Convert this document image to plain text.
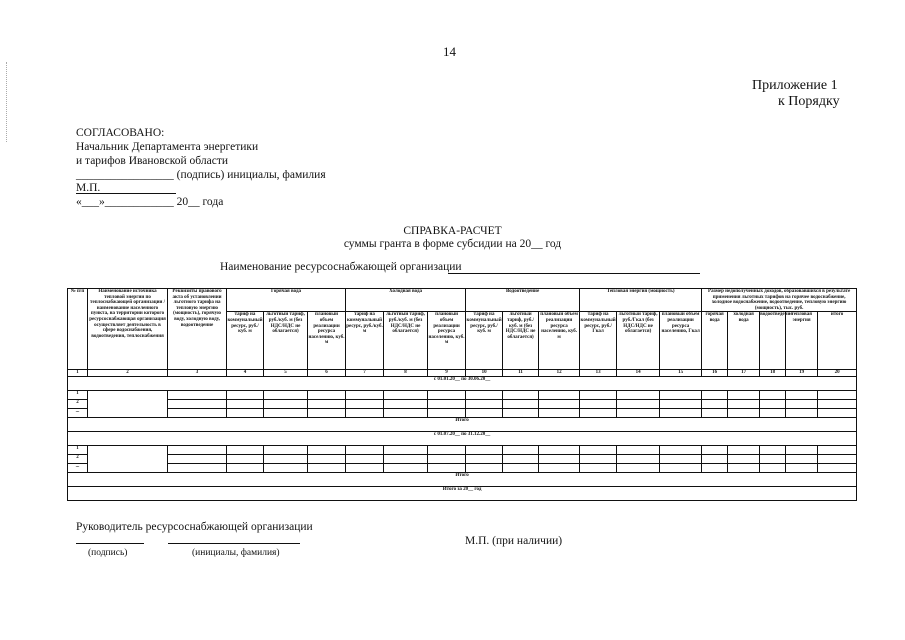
14
Приложение 1
к Порядку
СОГЛАСОВАНО:
Начальник Департамента энергетики
и тарифов Ивановской области
_________________ (подпись) инициалы, фамилия
М.П.
«___»____________ 20__ года
СПРАВКА-РАСЧЕТ
суммы гранта в форме субсидии на 20__ год
Наименование ресурсоснабжающей организации
№ п/п	Наименование источника тепловой энергии по теплоснабжающей организации / наименование населенного пункта, на территории которого ресурсоснабжающая организация осуществляет деятельность в сфере водоснабжения, водоотведения, теплоснабжения	Реквизиты правового акта об установлении льготного тарифа на тепловую энергию (мощность), горячую воду, холодную воду, водоотведение	Горячая вода			Холодная вода			Водоотведение			Тепловая энергия (мощность)			Размер недополученных доходов, образовавшихся в результате применения льготных тарифов на горячее водоснабжение, холодное водоснабжение, водоотведение, тепловую энергию (мощность), тыс. руб.				
			тариф на коммунальный ресурс, руб./куб. м	льготный тариф, руб./куб. м (без НДС/НДС не облагается)	плановый объем реализации ресурса населению, куб. м	тариф на коммунальный ресурс, руб./куб. м	льготный тариф, руб./куб. м (без НДС/НДС не облагается)	плановый объем реализации ресурса населению, куб. м	тариф на коммунальный ресурс, руб./куб. м	льготный тариф, руб./куб. м (без НДС/НДС не облагается)	плановый объем реализации ресурса населению, куб. м	тариф на коммунальный ресурс, руб./Гкал	льготный тариф, руб./Гкал (без НДС/НДС не облагается)	плановый объем реализации ресурса населению, Гкал	горячая вода	холодная вода	водоотведение	тепловая энергия	итого
1	2	3	4	5	6	7	8	9	10	11	12	13	14	15	16	17	18	19	20
с 01.01.20__ по 30.06.20__																			
1																			
2																			
...																			
Итого																			
с 01.07.20__ по 31.12.20__																			
1																			
2																			
...																			
Итого																			
Итого за 20__ год																			
Руководитель ресурсоснабжающей организации
М.П. (при наличии)
(подпись)	(инициалы, фамилия)
